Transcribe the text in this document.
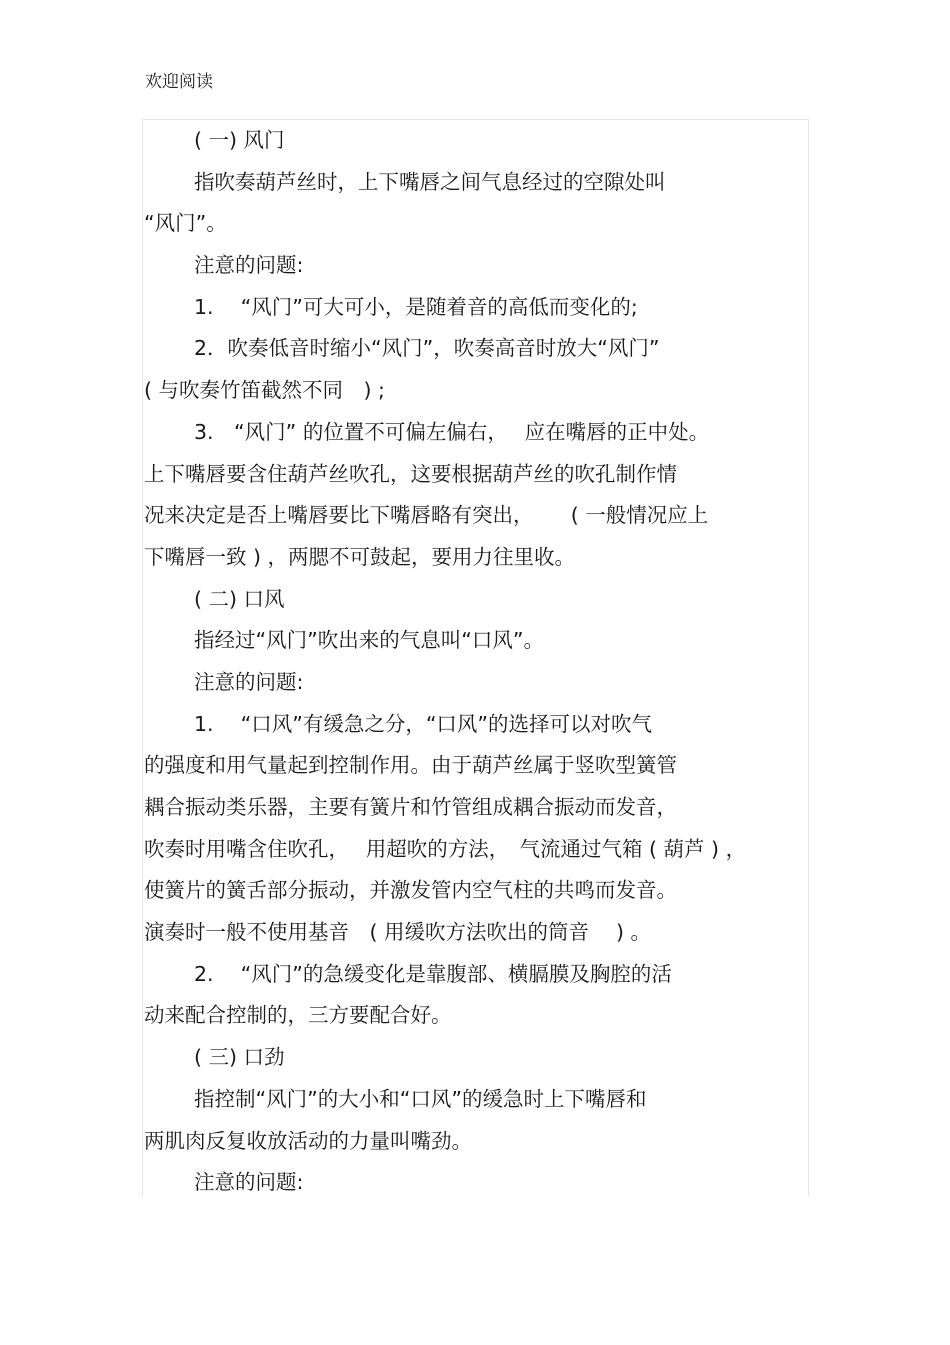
欢迎阅读
( 一) 风门
指吹奏葫芦丝时，上下嘴唇之间气息经过的空隙处叫
“风门”。
注意的问题:
1.　 “风门”可大可小，是随着音的高低而变化的;
2．吹奏低音时缩小“风门”，吹奏高音时放大“风门”
( 与吹奏竹笛截然不同　) ;
3.　“风门” 的位置不可偏左偏右，　 应在嘴唇的正中处。
上下嘴唇要含住葫芦丝吹孔，这要根据葫芦丝的吹孔制作情
况来决定是否上嘴唇要比下嘴唇略有突出，　　 ( 一般情况应上
下嘴唇一致 ) ，两腮不可鼓起，要用力往里收。
( 二) 口风
指经过“风门”吹出来的气息叫“口风”。
注意的问题:
1.　 “口风”有缓急之分，“口风”的选择可以对吹气
的强度和用气量起到控制作用。由于葫芦丝属于竖吹型簧管
耦合振动类乐器，主要有簧片和竹管组成耦合振动而发音，
吹奏时用嘴含住吹孔，　 用超吹的方法，　气流通过气箱 ( 葫芦 ) ，
使簧片的簧舌部分振动，并激发管内空气柱的共鸣而发音。
演奏时一般不使用基音　( 用缓吹方法吹出的筒音　 ) 。
2.　 “风门”的急缓变化是靠腹部、横膈膜及胸腔的活
动来配合控制的，三方要配合好。
( 三) 口劲
指控制“风门”的大小和“口风”的缓急时上下嘴唇和
两肌肉反复收放活动的力量叫嘴劲。
注意的问题:
